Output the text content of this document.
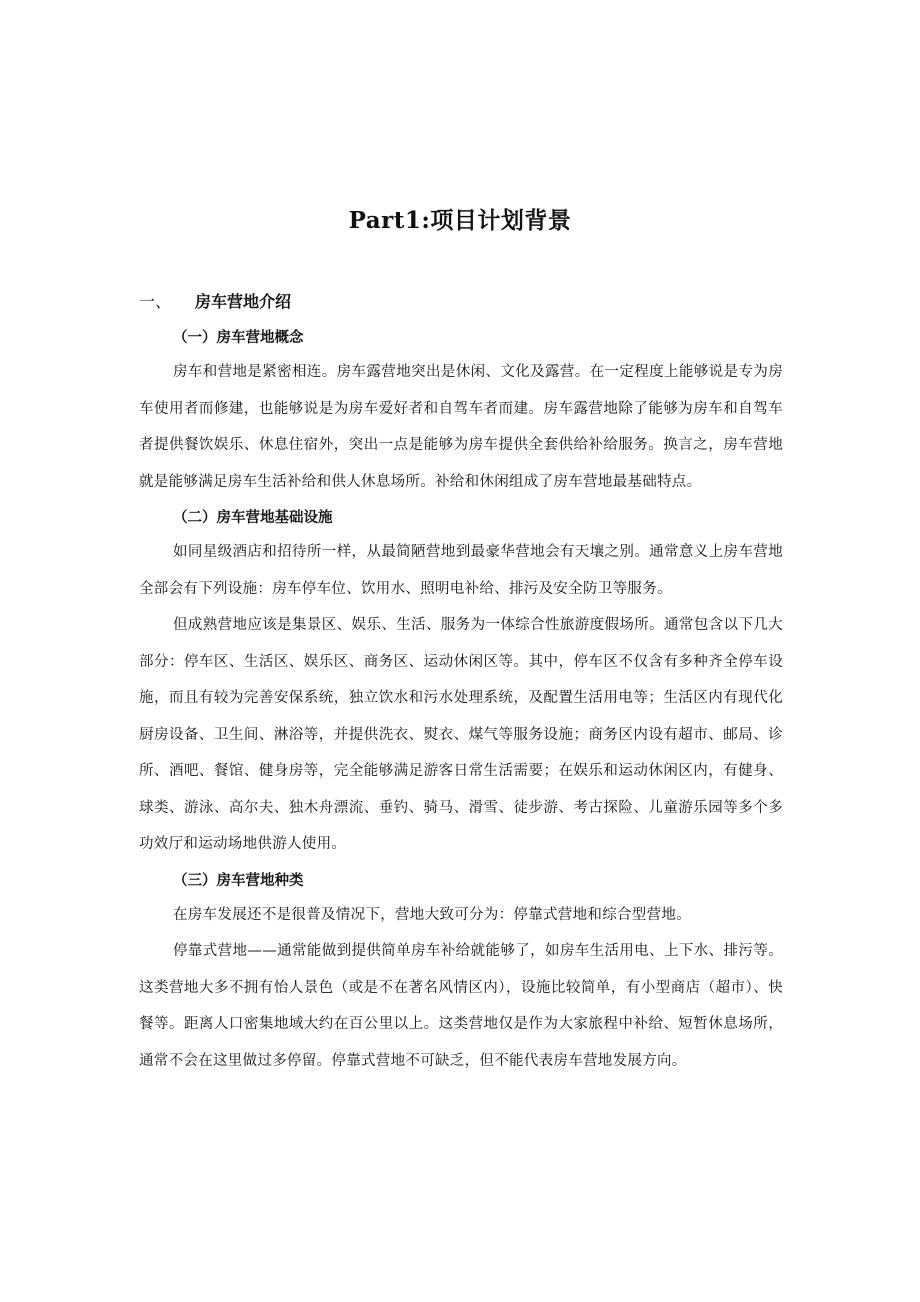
Part1:项目计划背景
一、 房车营地介绍
（一）房车营地概念

房车和营地是紧密相连。房车露营地突出是休闲、文化及露营。在一定程度上能够说是专为房车使用者而修建，也能够说是为房车爱好者和自驾车者而建。房车露营地除了能够为房车和自驾车者提供餐饮娱乐、休息住宿外，突出一点是能够为房车提供全套供给补给服务。换言之，房车营地就是能够满足房车生活补给和供人休息场所。补给和休闲组成了房车营地最基础特点。

（二）房车营地基础设施

如同星级酒店和招待所一样，从最简陋营地到最豪华营地会有天壤之别。通常意义上房车营地全部会有下列设施：房车停车位、饮用水、照明电补给、排污及安全防卫等服务。

但成熟营地应该是集景区、娱乐、生活、服务为一体综合性旅游度假场所。通常包含以下几大部分：停车区、生活区、娱乐区、商务区、运动休闲区等。其中，停车区不仅含有多种齐全停车设施，而且有较为完善安保系统，独立饮水和污水处理系统，及配置生活用电等；生活区内有现代化厨房设备、卫生间、淋浴等，并提供洗衣、熨衣、煤气等服务设施；商务区内设有超市、邮局、诊所、酒吧、餐馆、健身房等，完全能够满足游客日常生活需要；在娱乐和运动休闲区内，有健身、球类、游泳、高尔夫、独木舟漂流、垂钓、骑马、滑雪、徒步游、考古探险、儿童游乐园等多个多功效厅和运动场地供游人使用。

（三）房车营地种类

在房车发展还不是很普及情况下，营地大致可分为：停靠式营地和综合型营地。

停靠式营地——通常能做到提供简单房车补给就能够了，如房车生活用电、上下水、排污等。这类营地大多不拥有怡人景色（或是不在著名风情区内），设施比较简单，有小型商店（超市）、快餐等。距离人口密集地域大约在百公里以上。这类营地仅是作为大家旅程中补给、短暂休息场所，通常不会在这里做过多停留。停靠式营地不可缺乏，但不能代表房车营地发展方向。
